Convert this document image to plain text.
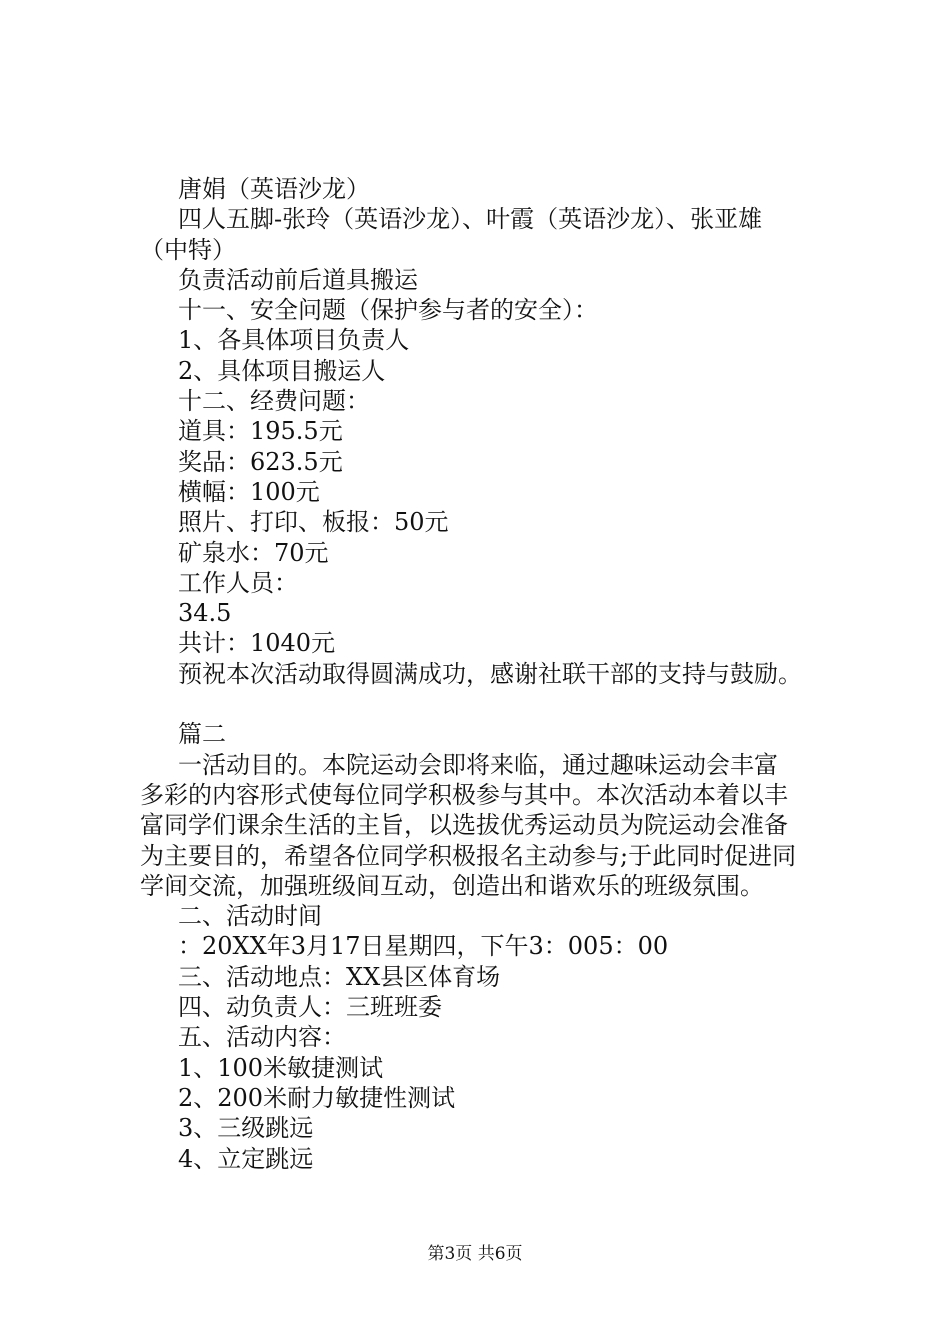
唐娟（英语沙龙）

四人五脚-张玲（英语沙龙）、叶霞（英语沙龙）、张亚雄

（中特）

负责活动前后道具搬运

十一、安全问题（保护参与者的安全）：

1、各具体项目负责人

2、具体项目搬运人

十二、经费问题：

道具：195.5元

奖品：623.5元

横幅：100元

照片、打印、板报：50元

矿泉水：70元

工作人员：

34.5

共计：1040元

预祝本次活动取得圆满成功，感谢社联干部的支持与鼓励。

篇二

一活动目的。本院运动会即将来临，通过趣味运动会丰富

多彩的内容形式使每位同学积极参与其中。本次活动本着以丰

富同学们课余生活的主旨，以选拔优秀运动员为院运动会准备

为主要目的，希望各位同学积极报名主动参与;于此同时促进同

学间交流，加强班级间互动，创造出和谐欢乐的班级氛围。

二、活动时间

：20XX年3月17日星期四，下午3：005：00

三、活动地点：XX县区体育场

四、动负责人：三班班委

五、活动内容：

1、100米敏捷测试

2、200米耐力敏捷性测试

3、三级跳远

4、立定跳远

第3页 共6页
